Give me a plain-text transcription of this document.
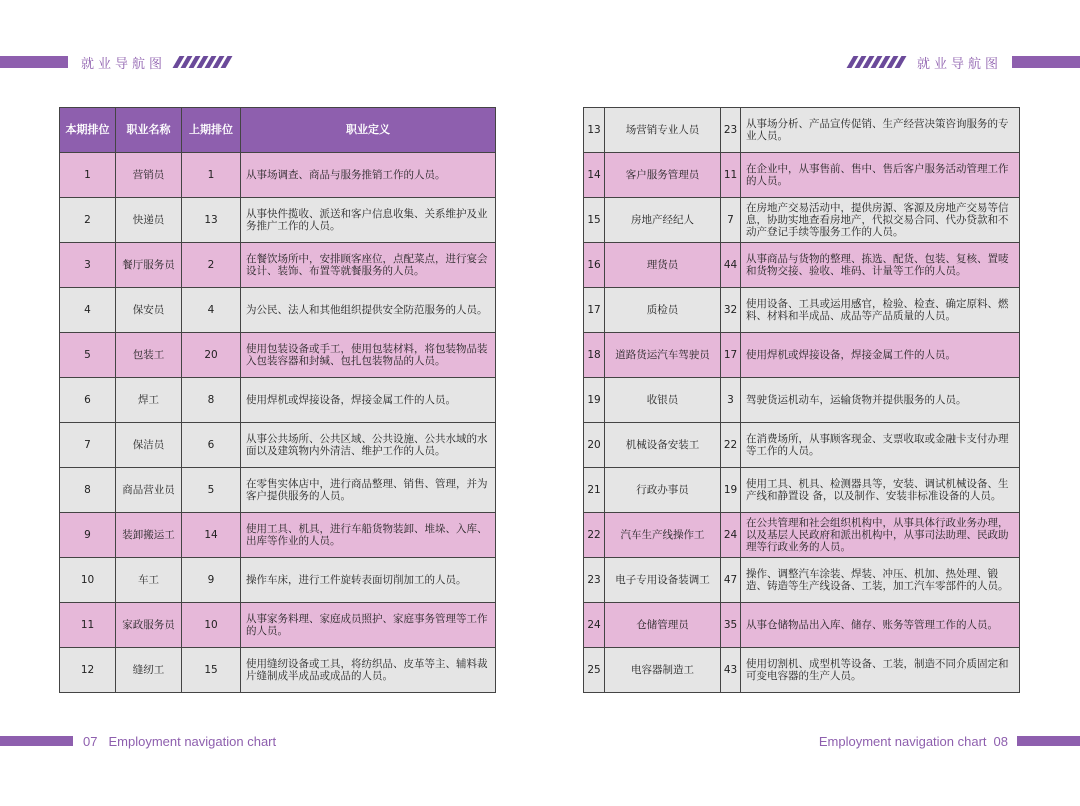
就业导航图	就业导航图
本期排位	职业名称	上期排位	职业定义
1	营销员	1	从事场调查、商品与服务推销工作的人员。
2	快递员	13	从事快件揽收、派送和客户信息收集、关系维护及业务推广工作的人员。
3	餐厅服务员	2	在餐饮场所中，安排顾客座位，点配菜点，进行宴会设计、装饰、布置等就餐服务的人员。
4	保安员	4	为公民、法人和其他组织提供安全防范服务的人员。
5	包装工	20	使用包装设备或手工，使用包装材料，将包装物品装入包装容器和封缄、包扎包装物品的人员。
6	焊工	8	使用焊机或焊接设备，焊接金属工件的人员。
7	保洁员	6	从事公共场所、公共区域、公共设施、公共水域的水面以及建筑物内外清洁、维护工作的人员。
8	商品营业员	5	在零售实体店中，进行商品整理、销售、管理，并为客户提供服务的人员。
9	装卸搬运工	14	使用工具、机具，进行车船货物装卸、堆垛、入库、出库等作业的人员。
10	车工	9	操作车床，进行工件旋转表面切削加工的人员。
11	家政服务员	10	从事家务料理、家庭成员照护、家庭事务管理等工作的人员。
12	缝纫工	15	使用缝纫设备或工具，将纺织品、皮革等主、辅料裁片缝制成半成品或成品的人员。
13	场营销专业人员	23	从事场分析、产品宣传促销、生产经营决策咨询服务的专业人员。
14	客户服务管理员	11	在企业中，从事售前、售中、售后客户服务活动管理工作的人员。
15	房地产经纪人	7	在房地产交易活动中，提供房源、客源及房地产交易等信息，协助实地查看房地产，代拟交易合同、代办贷款和不动产登记手续等服务工作的人员。
16	理货员	44	从事商品与货物的整理、拣选、配货、包装、复核、置唛和货物交接、验收、堆码、计量等工作的人员。
17	质检员	32	使用设备、工具或运用感官，检验、检查、确定原料、燃料、材料和半成品、成品等产品质量的人员。
18	道路货运汽车驾驶员	17	使用焊机或焊接设备，焊接金属工件的人员。
19	收银员	3	驾驶货运机动车，运输货物并提供服务的人员。
20	机械设备安装工	22	在消费场所，从事顾客现金、支票收取或金融卡支付办理等工作的人员。
21	行政办事员	19	使用工具、机具、检测器具等，安装、调试机械设备、生产线和静置设 备，以及制作、安装非标准设备的人员。
22	汽车生产线操作工	24	在公共管理和社会组织机构中，从事具体行政业务办理，以及基层人民政府和派出机构中，从事司法助理、民政助理等行政业务的人员。
23	电子专用设备装调工	47	操作、调整汽车涂装、焊装、冲压、机加、热处理、锻造、铸造等生产线设备、工装，加工汽车零部件的人员。
24	仓储管理员	35	从事仓储物品出入库、储存、账务等管理工作的人员。
25	电容器制造工	43	使用切割机、成型机等设备、工装，制造不同介质固定和可变电容器的生产人员。
07 Employment navigation chart	Employment navigation chart 08
